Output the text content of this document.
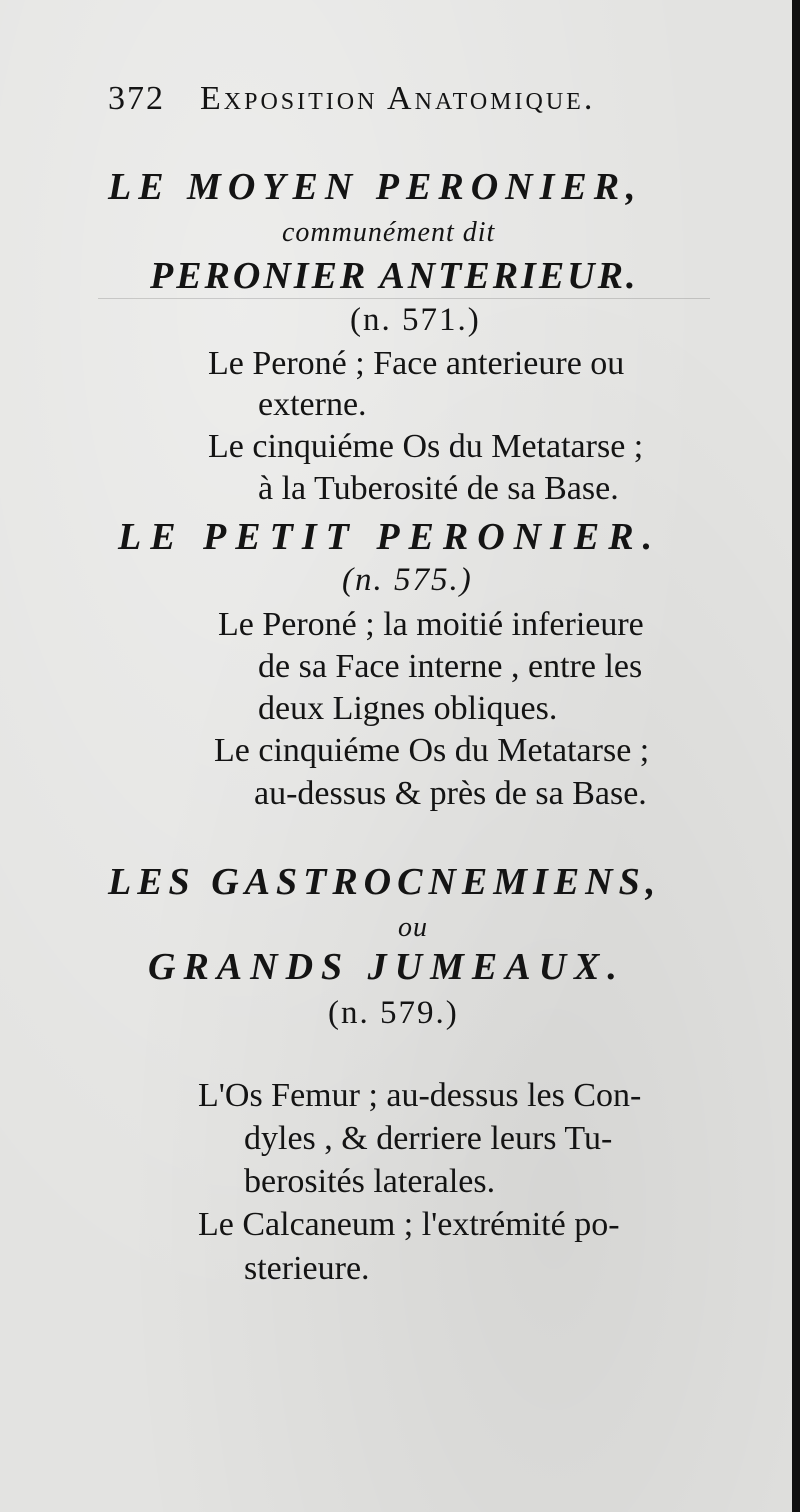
372 Exposition Anatomique.
LE MOYEN PERONIER,
communément dit
PERONIER ANTERIEUR.
(n. 571.)
Le Peroné ; Face anterieure ou
externe.
Le cinquiéme Os du Metatarse ;
à la Tuberosité de sa Base.
LE PETIT PERONIER.
(n. 575.)
Le Peroné ; la moitié inferieure
de sa Face interne , entre les
deux Lignes obliques.
Le cinquiéme Os du Metatarse ;
au-dessus & près de sa Base.
LES GASTROCNEMIENS,
ou
GRANDS JUMEAUX.
(n. 579.)
L'Os Femur ; au-dessus les Con-
dyles , & derriere leurs Tu-
berosités laterales.
Le Calcaneum ; l'extrémité po-
sterieure.
